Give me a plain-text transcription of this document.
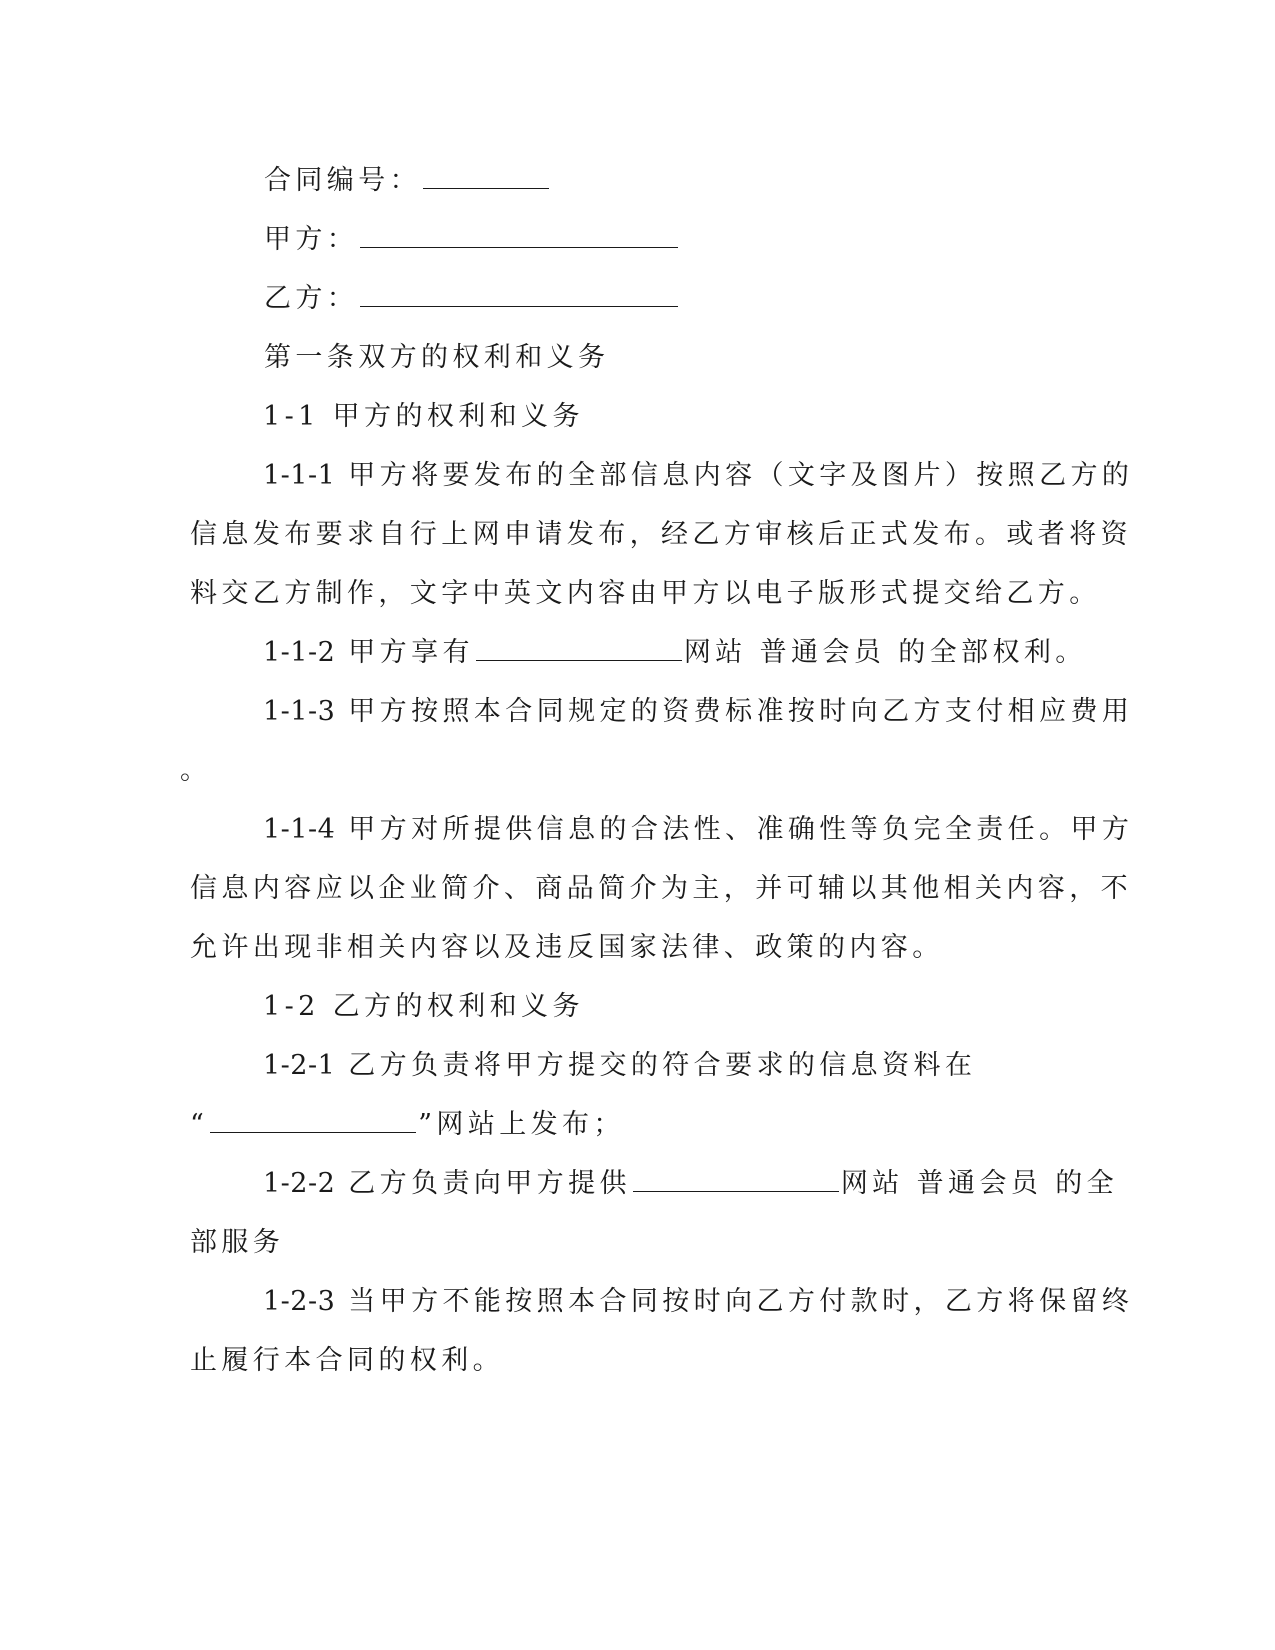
合同编号：
甲方：
乙方：
第一条双方的权利和义务
1-1 甲方的权利和义务
1-1-1 甲方将要发布的全部信息内容（文字及图片）按照乙方的
信息发布要求自行上网申请发布，经乙方审核后正式发布。或者将资
料交乙方制作，文字中英文内容由甲方以电子版形式提交给乙方。
1-1-2 甲方享有	网站 普通会员 的全部权利。
1-1-3 甲方按照本合同规定的资费标准按时向乙方支付相应费用
。
1-1-4 甲方对所提供信息的合法性、准确性等负完全责任。甲方
信息内容应以企业简介、商品简介为主，并可辅以其他相关内容，不
允许出现非相关内容以及违反国家法律、政策的内容。
1-2 乙方的权利和义务
1-2-1 乙方负责将甲方提交的符合要求的信息资料在
“	”网站上发布；
1-2-2 乙方负责向甲方提供	网站 普通会员 的全
部服务
1-2-3 当甲方不能按照本合同按时向乙方付款时，乙方将保留终
止履行本合同的权利。
